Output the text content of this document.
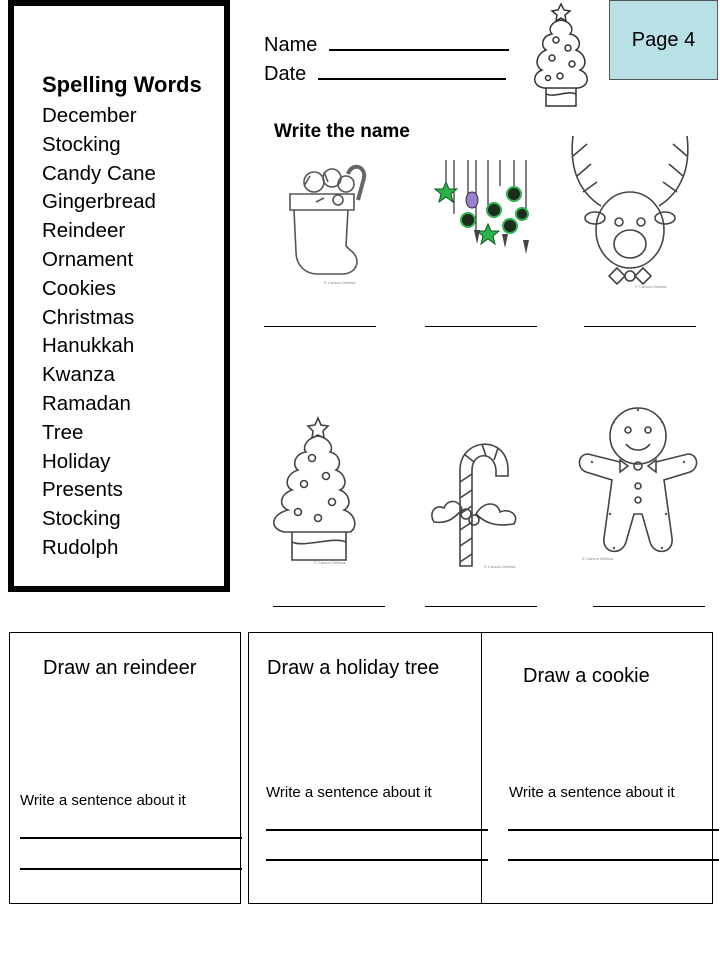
Spelling Words
December
Stocking
Candy Cane
Gingerbread
Reindeer
Ornament
Cookies
Christmas
Hanukkah
Kwanza
Ramadan
Tree
Holiday
Presents
Stocking
Rudolph
Name
Date
Page 4
Write the name
© Carson Dellosa
© Carson Dellosa
© Carson Dellosa
© Carson Dellosa
© Carson Dellosa
Draw an reindeer	Draw a holiday tree	Draw a cookie
Write a sentence about it	Write a sentence about it	Write a sentence about it
